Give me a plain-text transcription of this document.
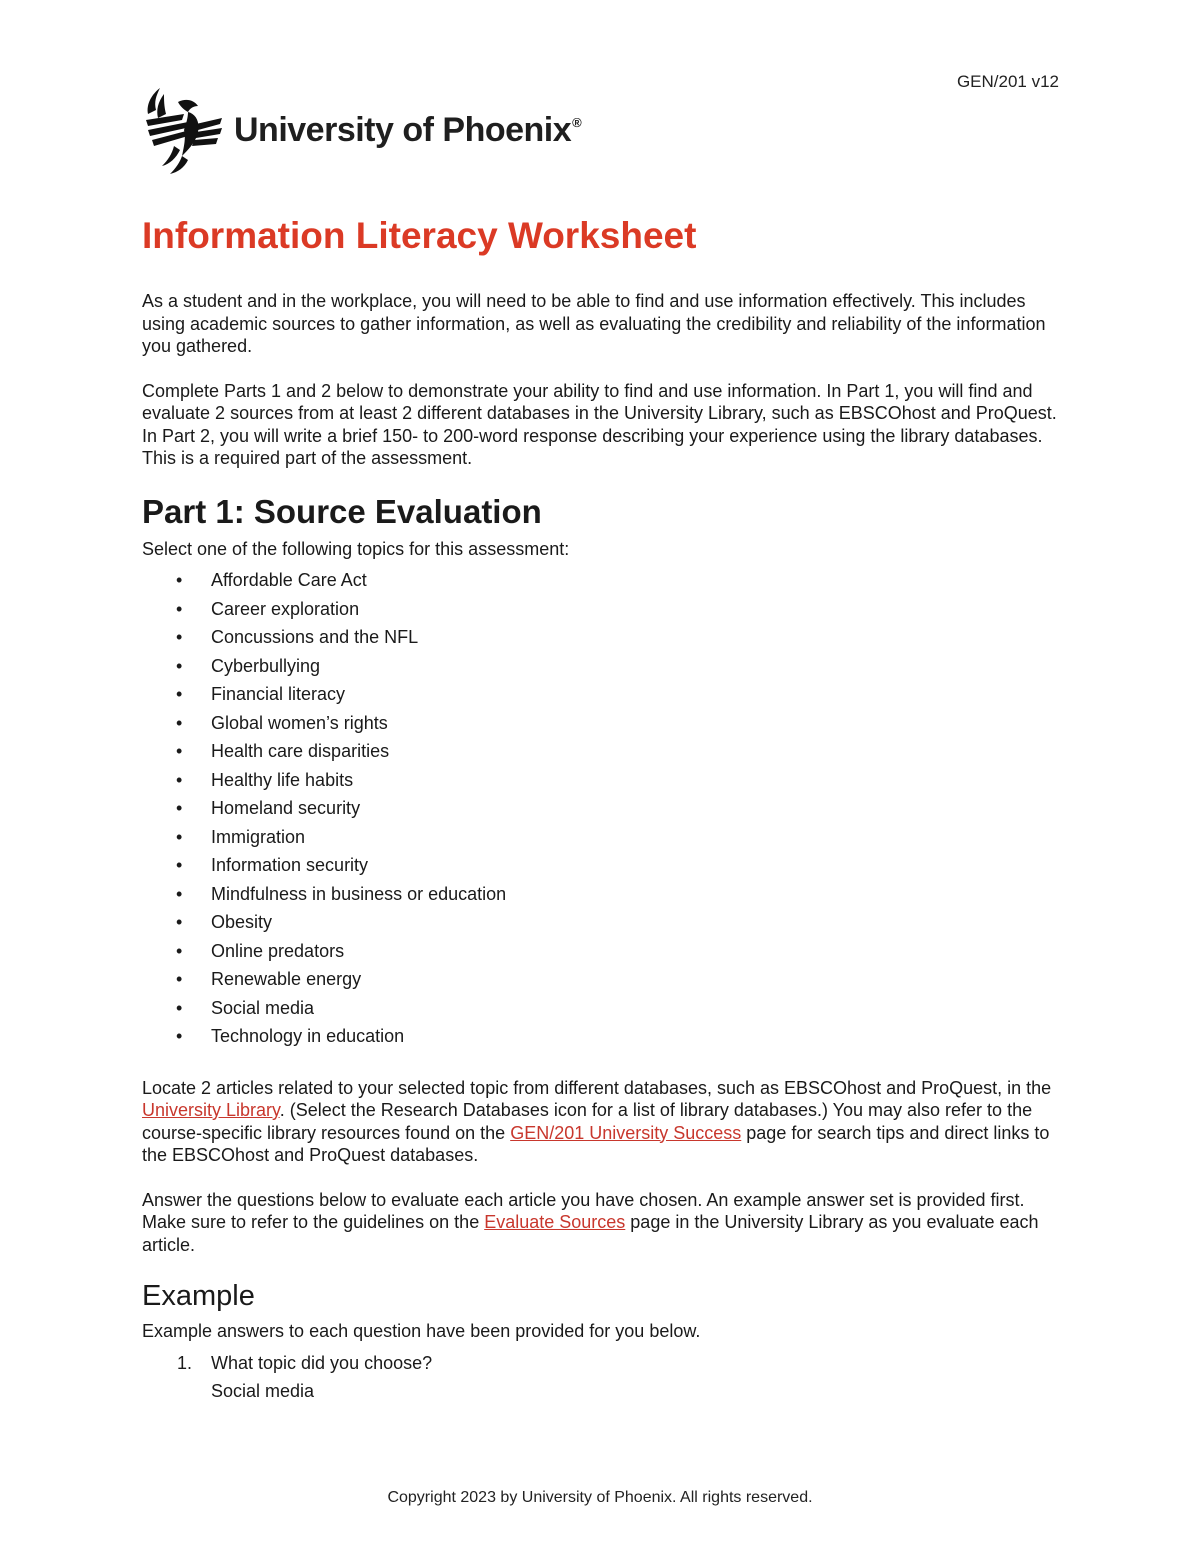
GEN/201 v12
University of Phoenix®
Information Literacy Worksheet

As a student and in the workplace, you will need to be able to find and use information effectively. This includes using academic sources to gather information, as well as evaluating the credibility and reliability of the information you gathered.

Complete Parts 1 and 2 below to demonstrate your ability to find and use information. In Part 1, you will find and evaluate 2 sources from at least 2 different databases in the University Library, such as EBSCOhost and ProQuest. In Part 2, you will write a brief 150- to 200-word response describing your experience using the library databases. This is a required part of the assessment.

Part 1: Source Evaluation

Select one of the following topics for this assessment:

• Affordable Care Act
• Career exploration
• Concussions and the NFL
• Cyberbullying
• Financial literacy
• Global women’s rights
• Health care disparities
• Healthy life habits
• Homeland security
• Immigration
• Information security
• Mindfulness in business or education
• Obesity
• Online predators
• Renewable energy
• Social media
• Technology in education

Locate 2 articles related to your selected topic from different databases, such as EBSCOhost and ProQuest, in the University Library. (Select the Research Databases icon for a list of library databases.) You may also refer to the course-specific library resources found on the GEN/201 University Success page for search tips and direct links to the EBSCOhost and ProQuest databases.

Answer the questions below to evaluate each article you have chosen. An example answer set is provided first. Make sure to refer to the guidelines on the Evaluate Sources page in the University Library as you evaluate each article.

Example

Example answers to each question have been provided for you below.

1. What topic did you choose?
Social media
Copyright 2023 by University of Phoenix. All rights reserved.
